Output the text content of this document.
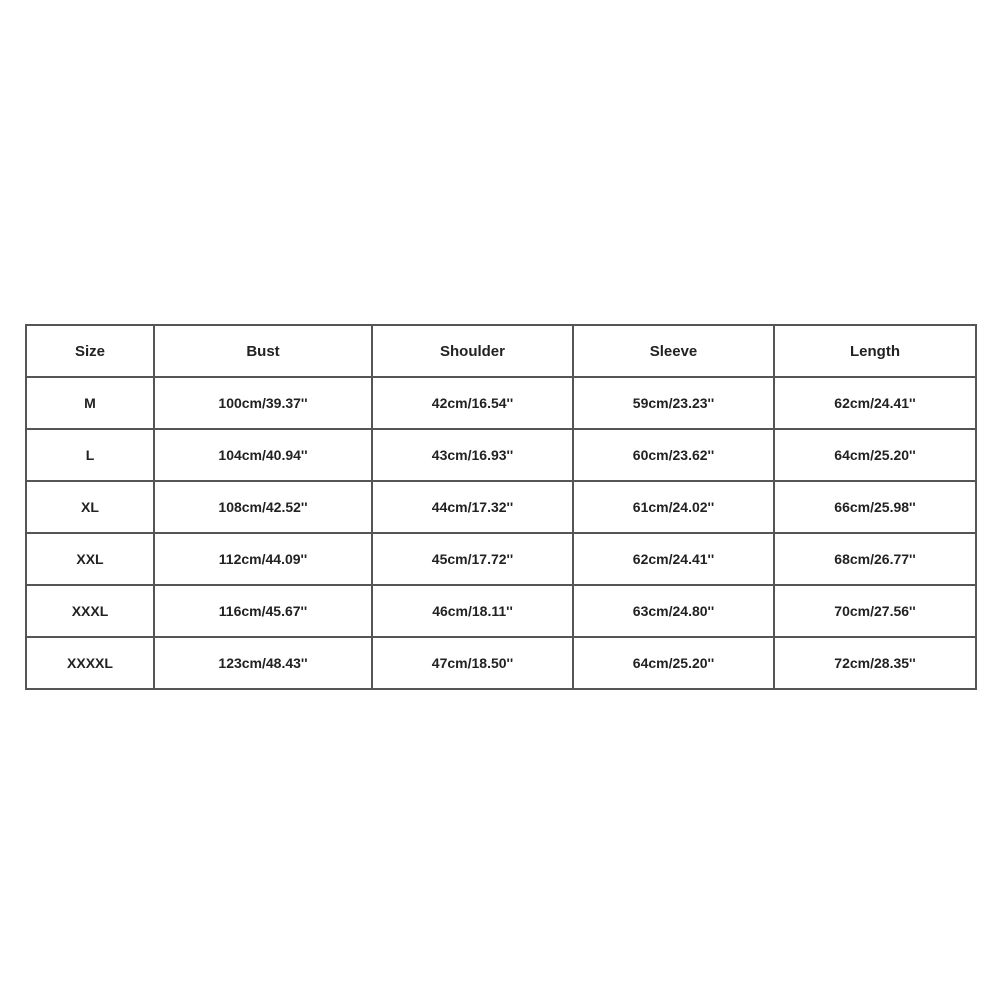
Size	Bust	Shoulder	Sleeve	Length
M	100cm/39.37''	42cm/16.54''	59cm/23.23''	62cm/24.41''
L	104cm/40.94''	43cm/16.93''	60cm/23.62''	64cm/25.20''
XL	108cm/42.52''	44cm/17.32''	61cm/24.02''	66cm/25.98''
XXL	112cm/44.09''	45cm/17.72''	62cm/24.41''	68cm/26.77''
XXXL	116cm/45.67''	46cm/18.11''	63cm/24.80''	70cm/27.56''
XXXXL	123cm/48.43''	47cm/18.50''	64cm/25.20''	72cm/28.35''
